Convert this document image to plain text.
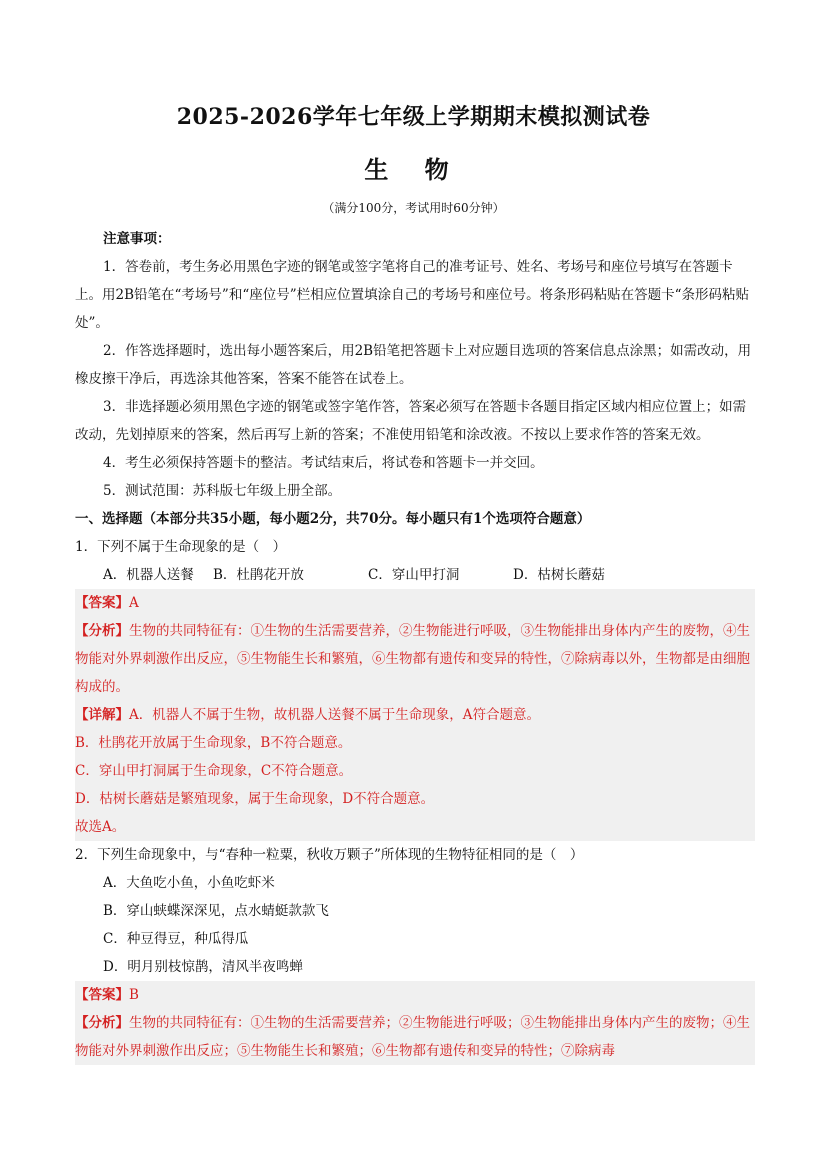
2025-2026学年七年级上学期期末模拟测试卷
生 物
（满分100分，考试用时60分钟）
注意事项：

1．答卷前，考生务必用黑色字迹的钢笔或签字笔将自己的准考证号、姓名、考场号和座位号填写在答题卡上。用2B铅笔在“考场号”和“座位号”栏相应位置填涂自己的考场号和座位号。将条形码粘贴在答题卡“条形码粘贴处”。

2．作答选择题时，选出每小题答案后，用2B铅笔把答题卡上对应题目选项的答案信息点涂黑；如需改动，用橡皮擦干净后，再选涂其他答案，答案不能答在试卷上。

3．非选择题必须用黑色字迹的钢笔或签字笔作答，答案必须写在答题卡各题目指定区域内相应位置上；如需改动，先划掉原来的答案，然后再写上新的答案；不准使用铅笔和涂改液。不按以上要求作答的答案无效。

4．考生必须保持答题卡的整洁。考试结束后，将试卷和答题卡一并交回。

5．测试范围：苏科版七年级上册全部。

一、选择题（本部分共35小题，每小题2分，共70分。每小题只有1个选项符合题意）

1．下列不属于生命现象的是（　）

A．机器人送餐	B．杜鹃花开放	C．穿山甲打洞	D．枯树长蘑菇

【答案】A

【分析】生物的共同特征有：①生物的生活需要营养，②生物能进行呼吸，③生物能排出身体内产生的废物，④生物能对外界刺激作出反应，⑤生物能生长和繁殖，⑥生物都有遗传和变异的特性，⑦除病毒以外，生物都是由细胞构成的。

【详解】A．机器人不属于生物，故机器人送餐不属于生命现象，A符合题意。

B．杜鹃花开放属于生命现象，B不符合题意。

C．穿山甲打洞属于生命现象，C不符合题意。

D．枯树长蘑菇是繁殖现象，属于生命现象，D不符合题意。

故选A。

2．下列生命现象中，与“春种一粒粟，秋收万颗子”所体现的生物特征相同的是（　）

A．大鱼吃小鱼，小鱼吃虾米
B．穿山蛱蝶深深见，点水蜻蜓款款飞
C．种豆得豆，种瓜得瓜
D．明月别枝惊鹊，清风半夜鸣蝉

【答案】B

【分析】生物的共同特征有：①生物的生活需要营养；②生物能进行呼吸；③生物能排出身体内产生的废物；④生物能对外界刺激作出反应；⑤生物能生长和繁殖；⑥生物都有遗传和变异的特性；⑦除病毒
